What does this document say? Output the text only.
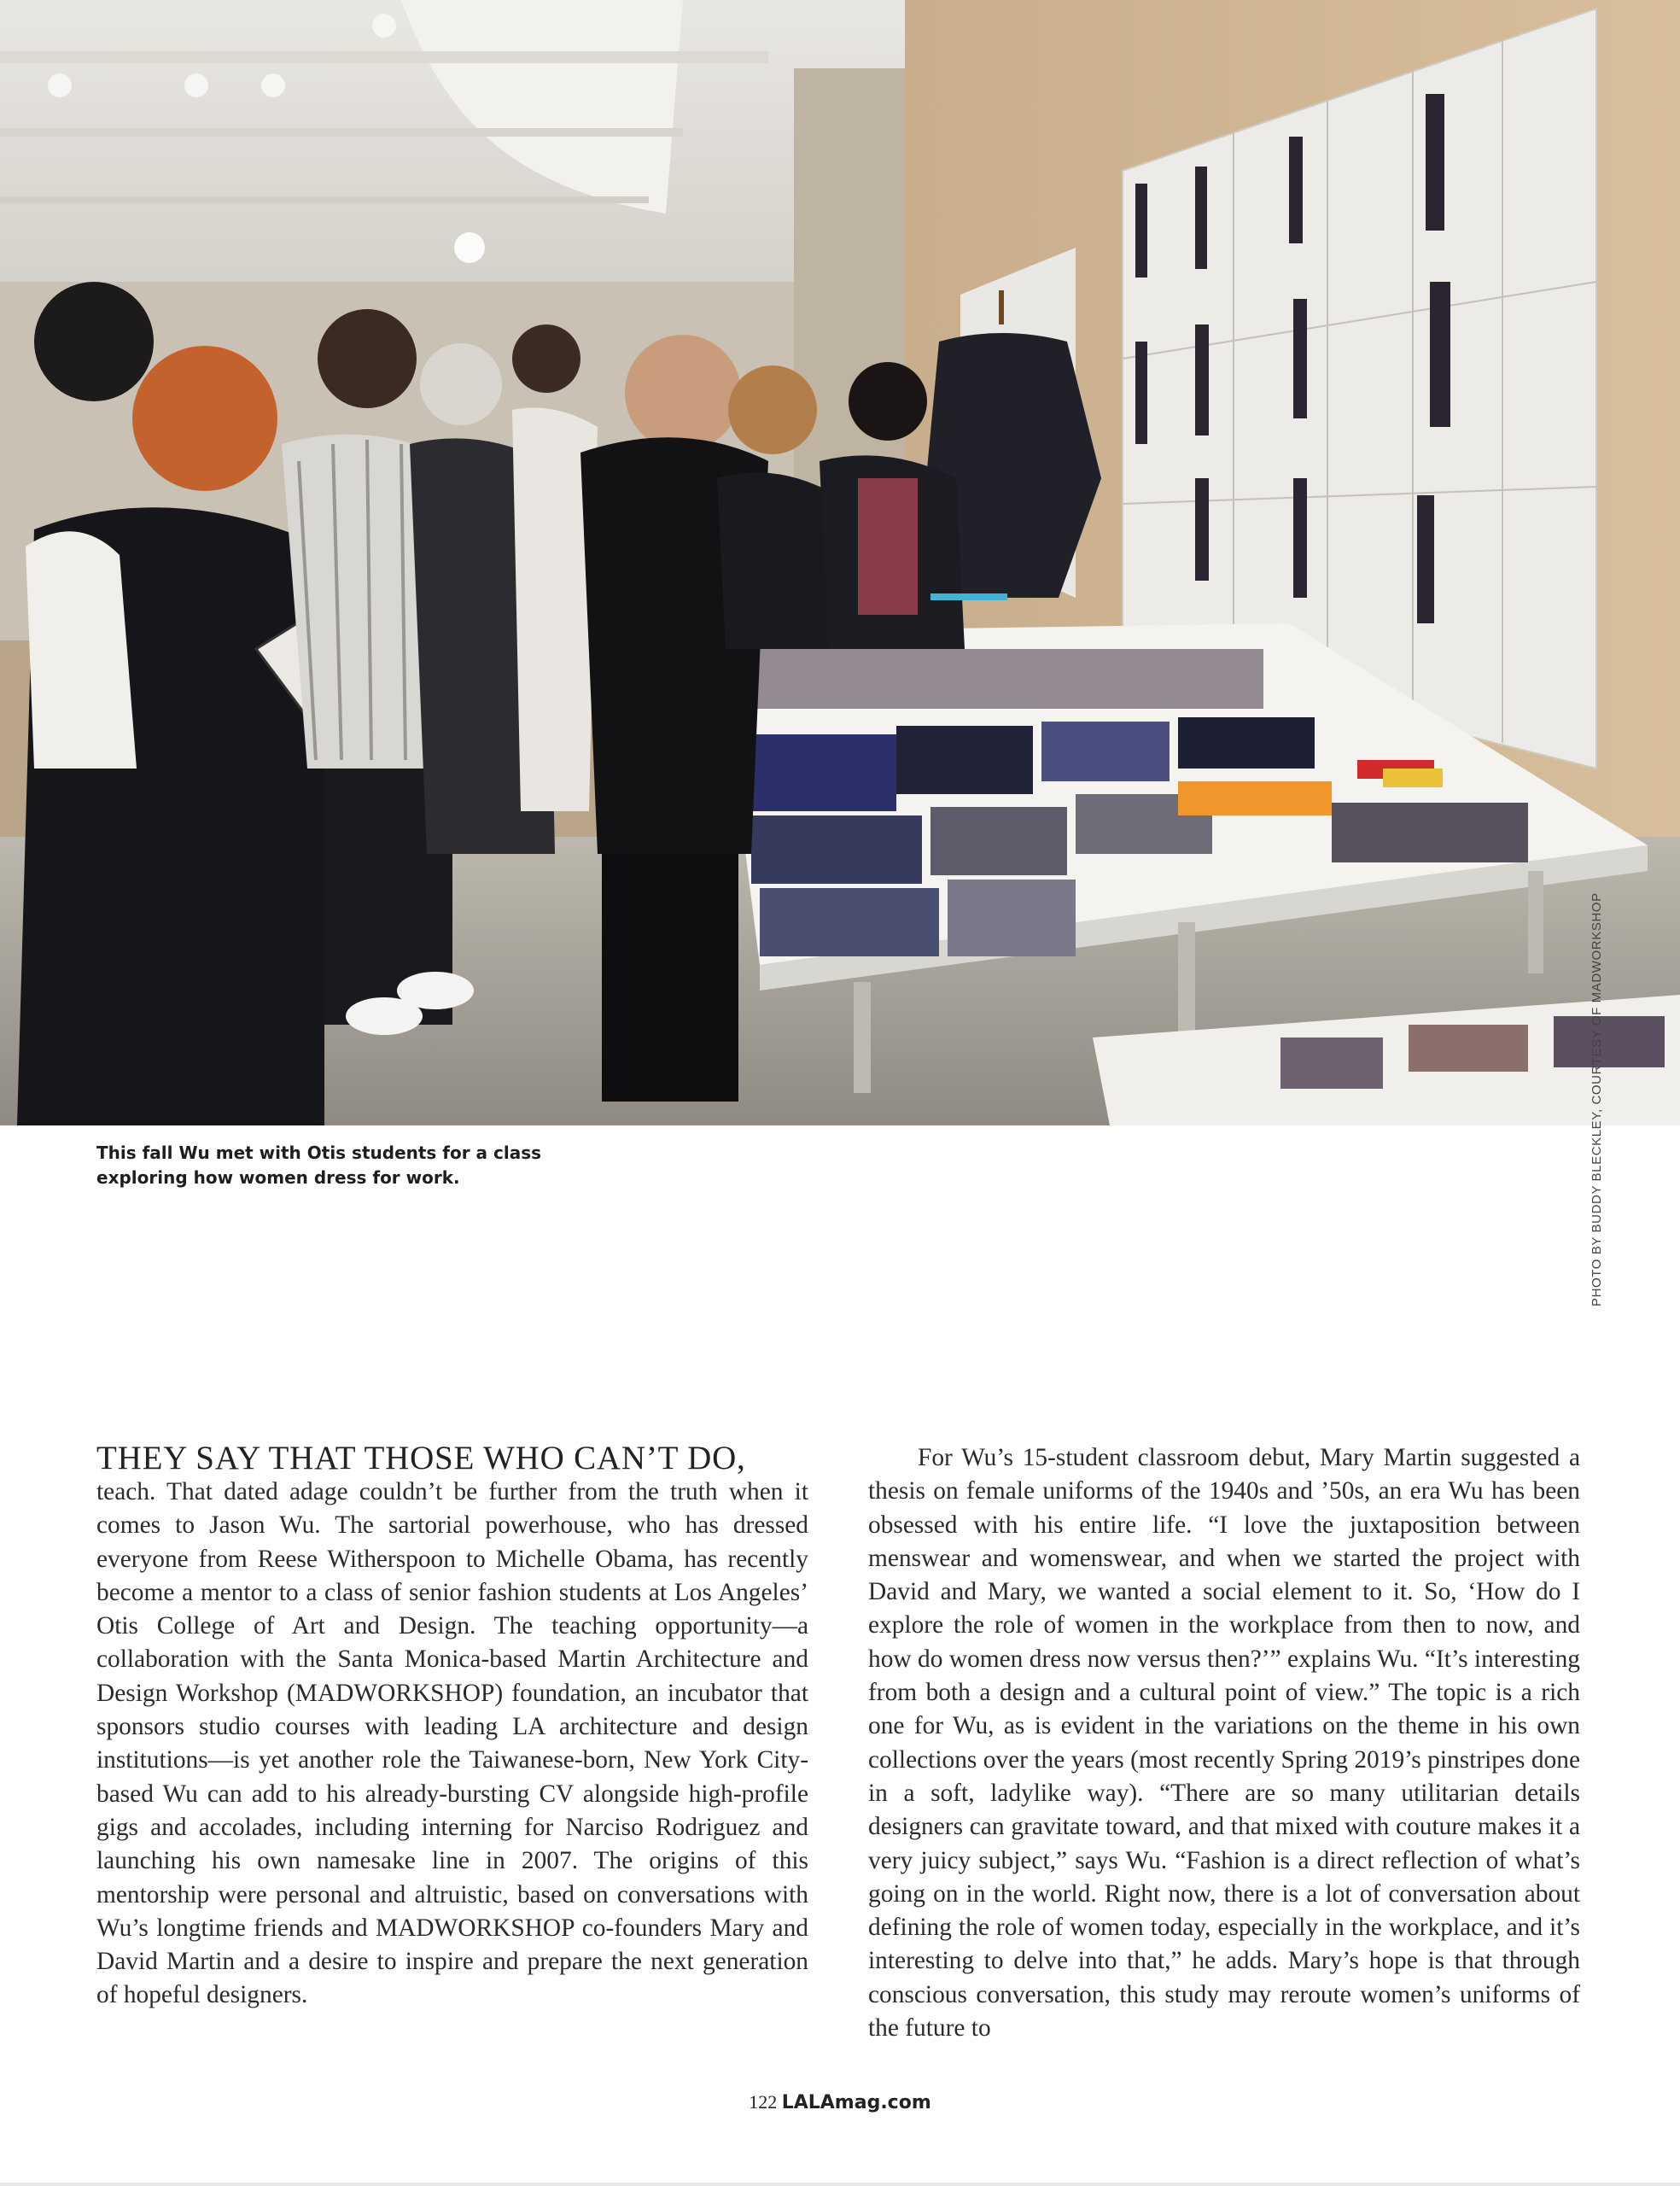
This fall Wu met with Otis students for a class
exploring how women dress for work.	PHOTO BY BUDDY BLECKLEY, COURTESY OF MADWORKSHOP
THEY SAY THAT THOSE WHO CAN’T DO,

teach. That dated adage couldn’t be further from the truth when it comes to Jason Wu. The sartorial powerhouse, who has dressed everyone from Reese Witherspoon to Michelle Obama, has recently become a mentor to a class of senior fashion students at Los Angeles’ Otis College of Art and Design. The teaching opportunity—a collaboration with the Santa Monica-based Martin Architecture and Design Workshop (MADWORKSHOP) foundation, an incubator that sponsors studio courses with leading LA architecture and design institutions—is yet another role the Taiwanese-born, New York City-based Wu can add to his already-bursting CV alongside high-profile gigs and accolades, including interning for Narciso Rodriguez and launching his own namesake line in 2007. The origins of this mentorship were personal and altruistic, based on conversations with Wu’s longtime friends and MADWORKSHOP co-founders Mary and David Martin and a desire to inspire and prepare the next generation of hopeful designers.

For Wu’s 15-student classroom debut, Mary Martin suggested a thesis on female uniforms of the 1940s and ’50s, an era Wu has been obsessed with his entire life. “I love the juxtaposition between menswear and womenswear, and when we started the project with David and Mary, we wanted a social element to it. So, ‘How do I explore the role of women in the workplace from then to now, and how do women dress now versus then?’” explains Wu. “It’s interesting from both a design and a cultural point of view.” The topic is a rich one for Wu, as is evident in the variations on the theme in his own collections over the years (most recently Spring 2019’s pinstripes done in a soft, ladylike way). “There are so many utilitarian details designers can gravitate toward, and that mixed with couture makes it a very juicy subject,” says Wu. “Fashion is a direct reflection of what’s going on in the world. Right now, there is a lot of conversation about defining the role of women today, especially in the workplace, and it’s interesting to delve into that,” he adds. Mary’s hope is that through conscious conversation, this study may reroute women’s uniforms of the future to

122 LALAmag.com
